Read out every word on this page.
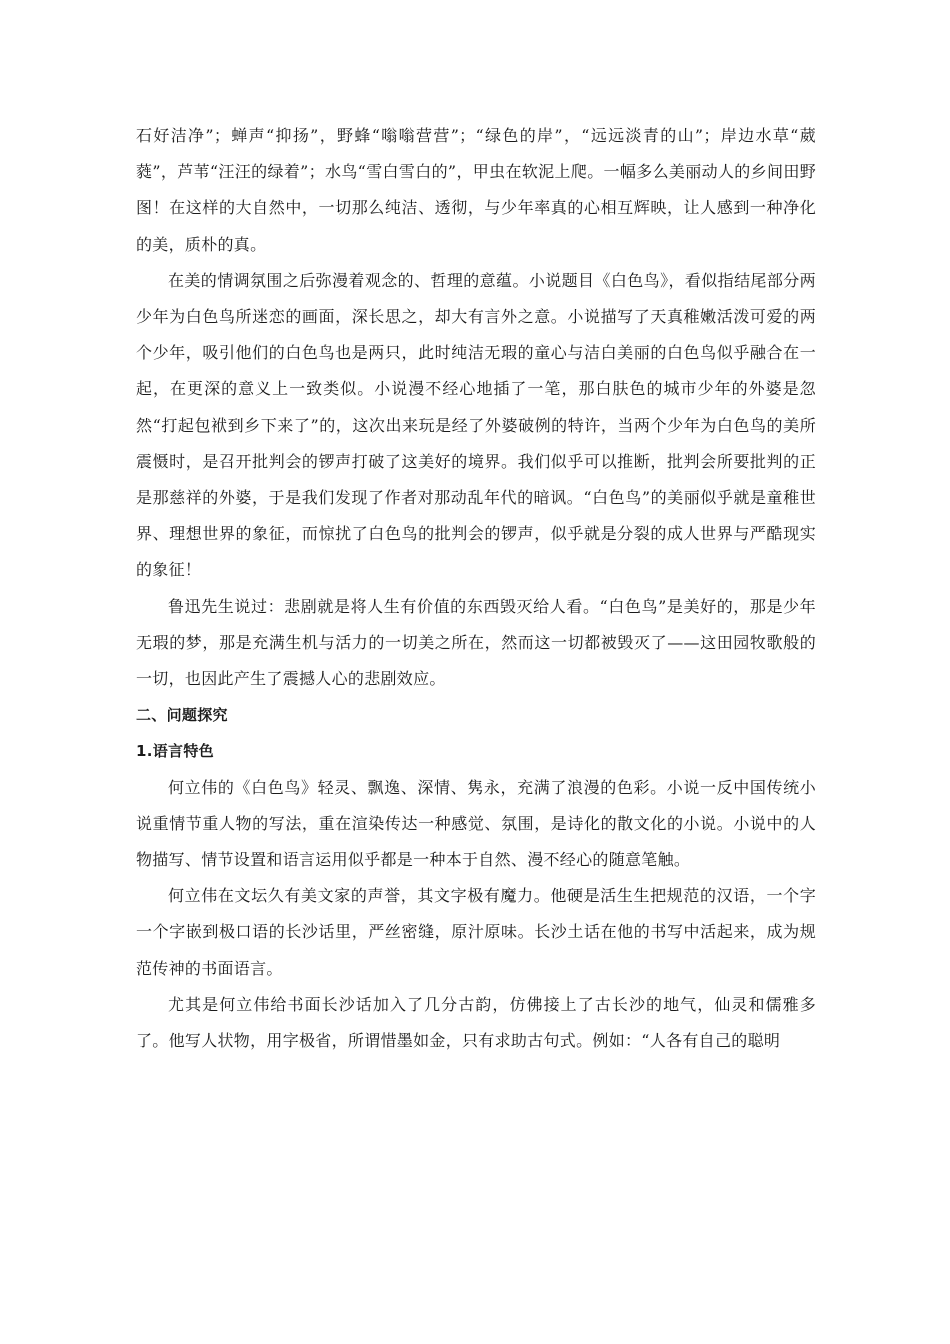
石好洁净”；蝉声“抑扬”，野蜂“嗡嗡营营”；“绿色的岸”，“远远淡青的山”；岸边水草“葳蕤”，芦苇“汪汪的绿着”；水鸟“雪白雪白的”，甲虫在软泥上爬。一幅多么美丽动人的乡间田野图！在这样的大自然中，一切那么纯洁、透彻，与少年率真的心相互辉映，让人感到一种净化的美，质朴的真。

在美的情调氛围之后弥漫着观念的、哲理的意蕴。小说题目《白色鸟》，看似指结尾部分两少年为白色鸟所迷恋的画面，深长思之，却大有言外之意。小说描写了天真稚嫩活泼可爱的两个少年，吸引他们的白色鸟也是两只，此时纯洁无瑕的童心与洁白美丽的白色鸟似乎融合在一起，在更深的意义上一致类似。小说漫不经心地插了一笔，那白肤色的城市少年的外婆是忽然“打起包袱到乡下来了”的，这次出来玩是经了外婆破例的特许，当两个少年为白色鸟的美所震慑时，是召开批判会的锣声打破了这美好的境界。我们似乎可以推断，批判会所要批判的正是那慈祥的外婆，于是我们发现了作者对那动乱年代的暗讽。“白色鸟”的美丽似乎就是童稚世界、理想世界的象征，而惊扰了白色鸟的批判会的锣声，似乎就是分裂的成人世界与严酷现实的象征！

鲁迅先生说过：悲剧就是将人生有价值的东西毁灭给人看。“白色鸟”是美好的，那是少年无瑕的梦，那是充满生机与活力的一切美之所在，然而这一切都被毁灭了——这田园牧歌般的一切，也因此产生了震撼人心的悲剧效应。

二、问题探究

1.语言特色

何立伟的《白色鸟》轻灵、飘逸、深情、隽永，充满了浪漫的色彩。小说一反中国传统小说重情节重人物的写法，重在渲染传达一种感觉、氛围，是诗化的散文化的小说。小说中的人物描写、情节设置和语言运用似乎都是一种本于自然、漫不经心的随意笔触。

何立伟在文坛久有美文家的声誉，其文字极有魔力。他硬是活生生把规范的汉语，一个字一个字嵌到极口语的长沙话里，严丝密缝，原汁原味。长沙土话在他的书写中活起来，成为规范传神的书面语言。

尤其是何立伟给书面长沙话加入了几分古韵，仿佛接上了古长沙的地气，仙灵和儒雅多了。他写人状物，用字极省，所谓惜墨如金，只有求助古句式。例如：“人各有自己的聪明
